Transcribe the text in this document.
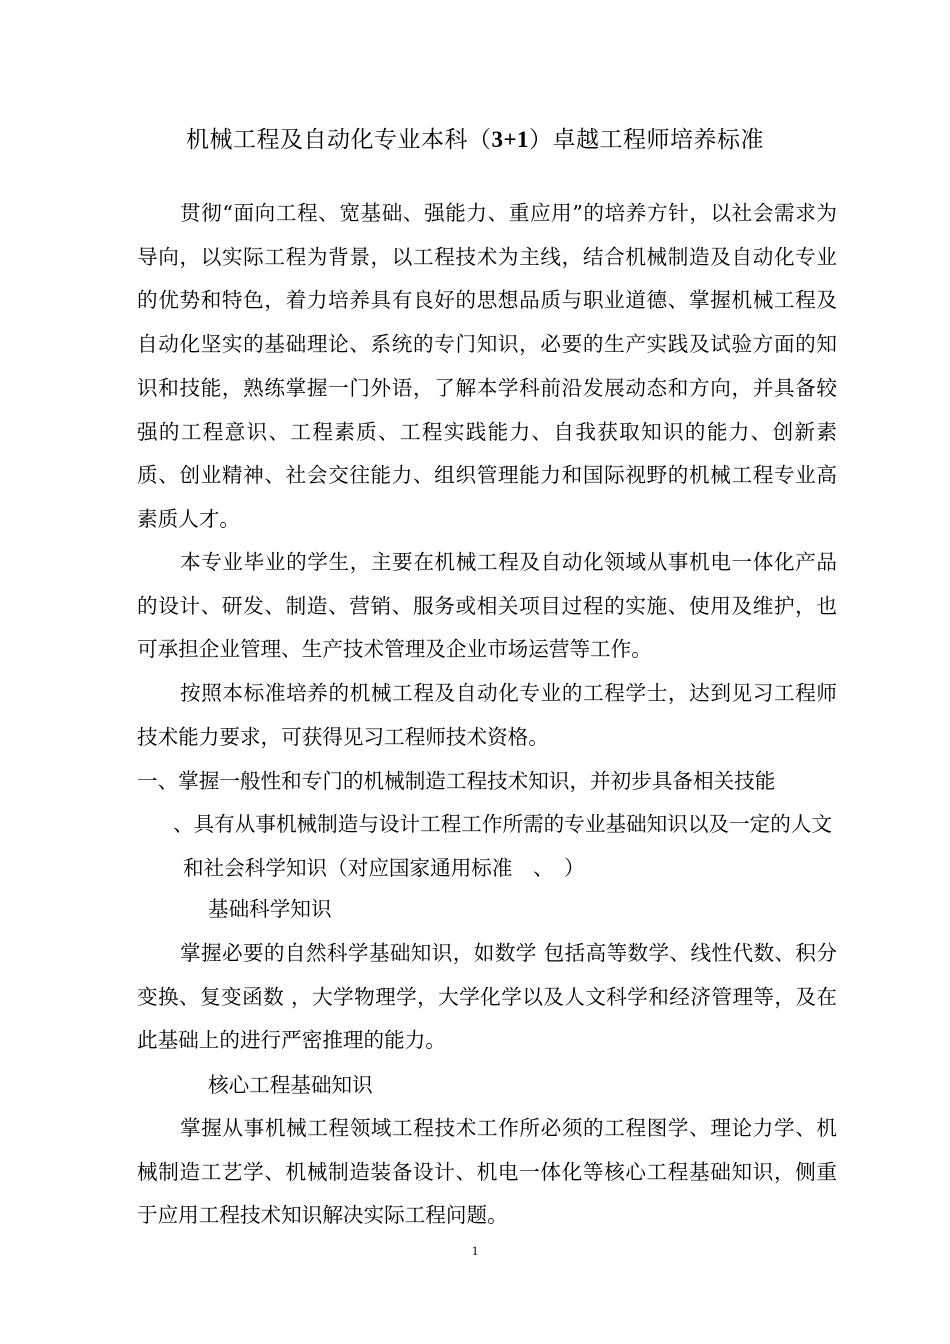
机械工程及自动化专业本科（3+1）卓越工程师培养标准

贯彻“面向工程、宽基础、强能力、重应用”的培养方针，以社会需求为导向，以实际工程为背景，以工程技术为主线，结合机械制造及自动化专业的优势和特色，着力培养具有良好的思想品质与职业道德、掌握机械工程及自动化坚实的基础理论、系统的专门知识，必要的生产实践及试验方面的知识和技能，熟练掌握一门外语，了解本学科前沿发展动态和方向，并具备较强的工程意识、工程素质、工程实践能力、自我获取知识的能力、创新素质、创业精神、社会交往能力、组织管理能力和国际视野的机械工程专业高素质人才。

本专业毕业的学生，主要在机械工程及自动化领域从事机电一体化产品的设计、研发、制造、营销、服务或相关项目过程的实施、使用及维护，也可承担企业管理、生产技术管理及企业市场运营等工作。

按照本标准培养的机械工程及自动化专业的工程学士，达到见习工程师技术能力要求，可获得见习工程师技术资格。

一、掌握一般性和专门的机械制造工程技术知识，并初步具备相关技能

、具有从事机械制造与设计工程工作所需的专业基础知识以及一定的人文和社会科学知识（对应国家通用标准　、　）

基础科学知识

掌握必要的自然科学基础知识，如数学 包括高等数学、线性代数、积分变换、复变函数 ，大学物理学，大学化学以及人文科学和经济管理等，及在此基础上的进行严密推理的能力。

核心工程基础知识

掌握从事机械工程领域工程技术工作所必须的工程图学、理论力学、机械制造工艺学、机械制造装备设计、机电一体化等核心工程基础知识，侧重于应用工程技术知识解决实际工程问题。

1
